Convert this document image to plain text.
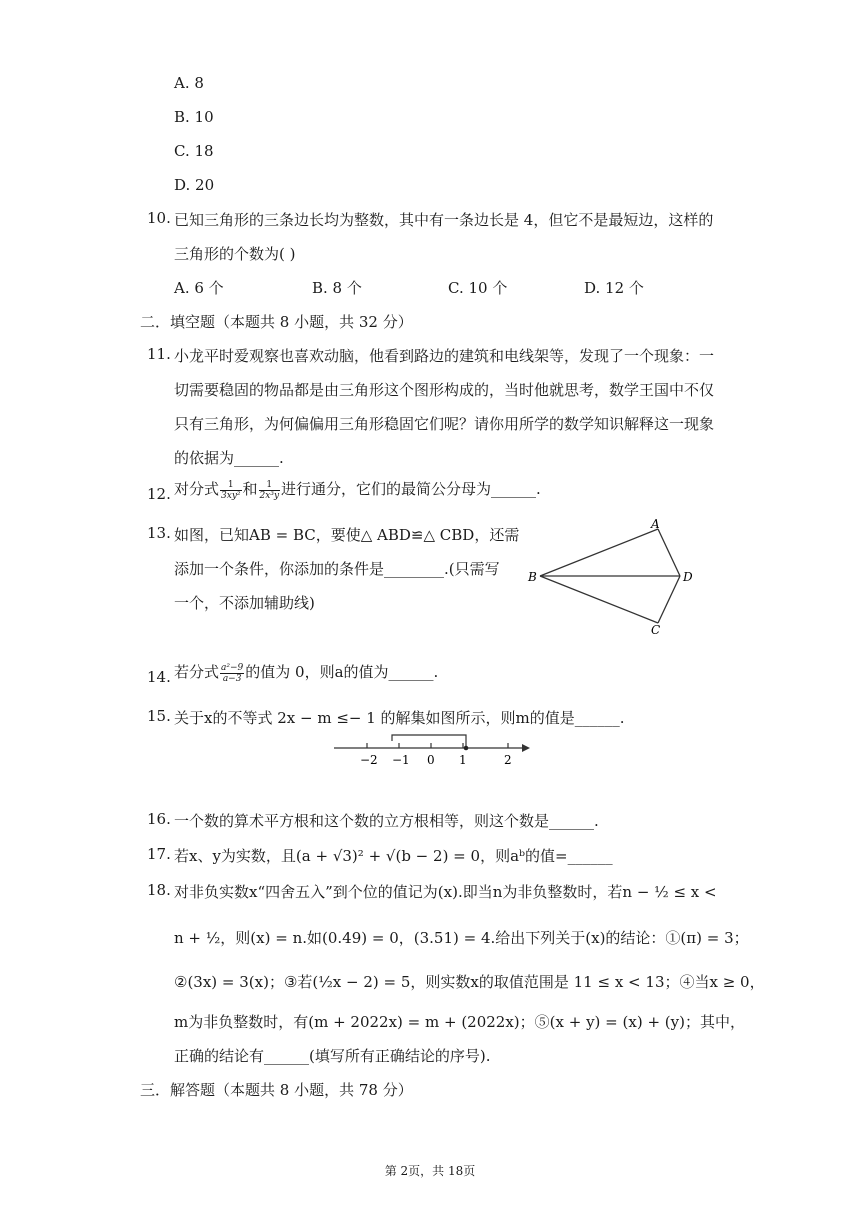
A. 8
B. 10
C. 18
D. 20
10. 已知三角形的三条边长均为整数，其中有一条边长是 4，但它不是最短边，这样的
三角形的个数为( )
A. 6 个	B. 8 个	C. 10 个	D. 12 个
二．填空题（本题共 8 小题，共 32 分）
11. 小龙平时爱观察也喜欢动脑，他看到路边的建筑和电线架等，发现了一个现象：一
切需要稳固的物品都是由三角形这个图形构成的，当时他就思考，数学王国中不仅
只有三角形，为何偏偏用三角形稳固它们呢？请你用所学的数学知识解释这一现象
的依据为______.
12. 对分式 $\frac{1}{\text{3xy²}}$ 和 $\frac{1}{\text{2x³y}}$ 进行通分，它们的最简公分母为______.
13. 如图，已知AB = BC，要使△ ABD≌△ CBD，还需
添加一个条件，你添加的条件是________.(只需写
一个，不添加辅助线)
A
B	D
C
14. 若分式 $\frac{\text{a²−9}}{a-3}$ 的值为 0，则a的值为______.
15. 关于x的不等式 2x − m ≤− 1 的解集如图所示，则m的值是______.
−2 −1 0 1	2
16. 一个数的算术平方根和这个数的立方根相等，则这个数是______.
17. 若x、y为实数，且(a + √3)² + √(b − 2) = 0，则aᵇ的值=______
18. 对非负实数x“四舍五入”到个位的值记为(x).即当n为非负整数时，若n − ½ ≤ x <
n + ½，则(x) = n.如(0.49) = 0，(3.51) = 4.给出下列关于(x)的结论：①(π) = 3；
②(3x) = 3(x)；③若(½x − 2) = 5，则实数x的取值范围是 11 ≤ x < 13；④当x ≥ 0，
m为非负整数时，有(m + 2022x) = m + (2022x)；⑤(x + y) = (x) + (y)；其中，
正确的结论有______(填写所有正确结论的序号).
三．解答题（本题共 8 小题，共 78 分）
第 2页，共 18页
